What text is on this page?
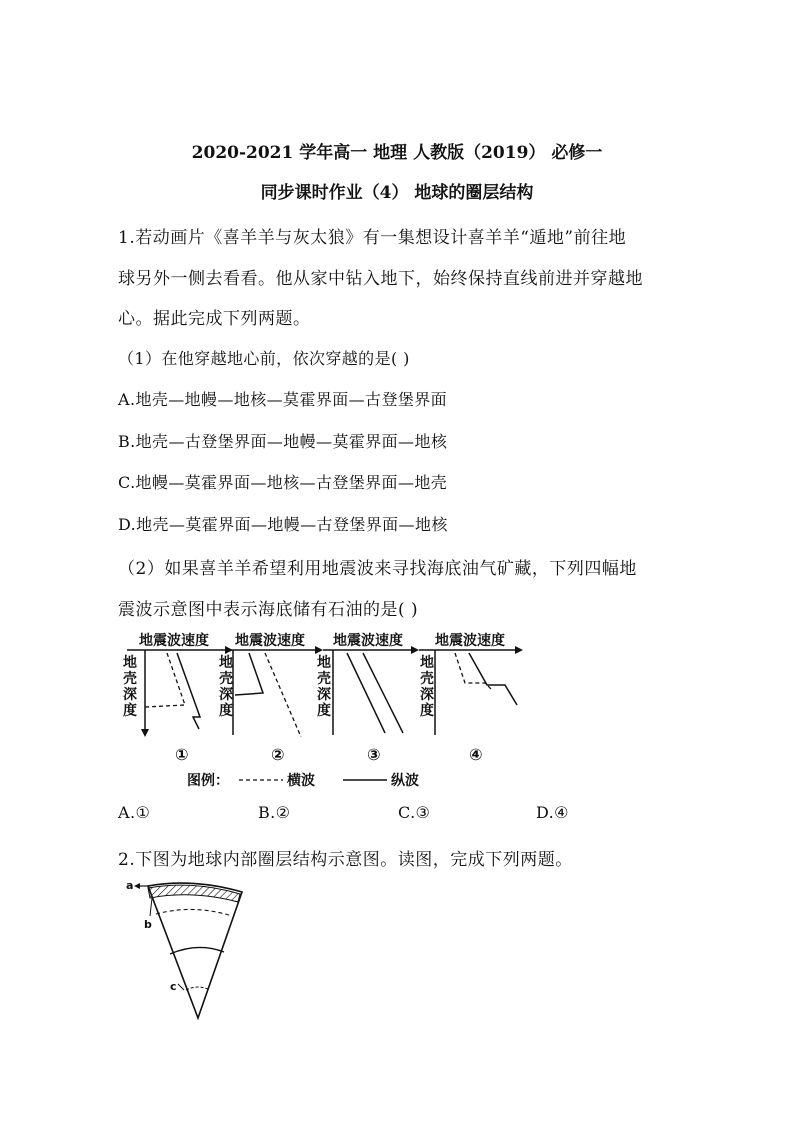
2020-2021 学年高一 地理 人教版（2019） 必修一
同步课时作业（4） 地球的圈层结构
1.若动画片《喜羊羊与灰太狼》有一集想设计喜羊羊“遁地”前往地
球另外一侧去看看。他从家中钻入地下，始终保持直线前进并穿越地
心。据此完成下列两题。
（1）在他穿越地心前，依次穿越的是( )
A.地壳—地幔—地核—莫霍界面—古登堡界面
B.地壳—古登堡界面—地幔—莫霍界面—地核
C.地幔—莫霍界面—地核—古登堡界面—地壳
D.地壳—莫霍界面—地幔—古登堡界面—地核
（2）如果喜羊羊希望利用地震波来寻找海底油气矿藏，下列四幅地
震波示意图中表示海底储有石油的是( )
地震波速度
地
壳
深
度
①
地震波速度
地
壳
深
度
②
地震波速度
地
壳
深
度
③
地震波速度
地
壳
深
度
④
图例：	横波	纵波
A.①	B.②	C.③	D.④
2.下图为地球内部圈层结构示意图。读图，完成下列两题。
a
b
c
